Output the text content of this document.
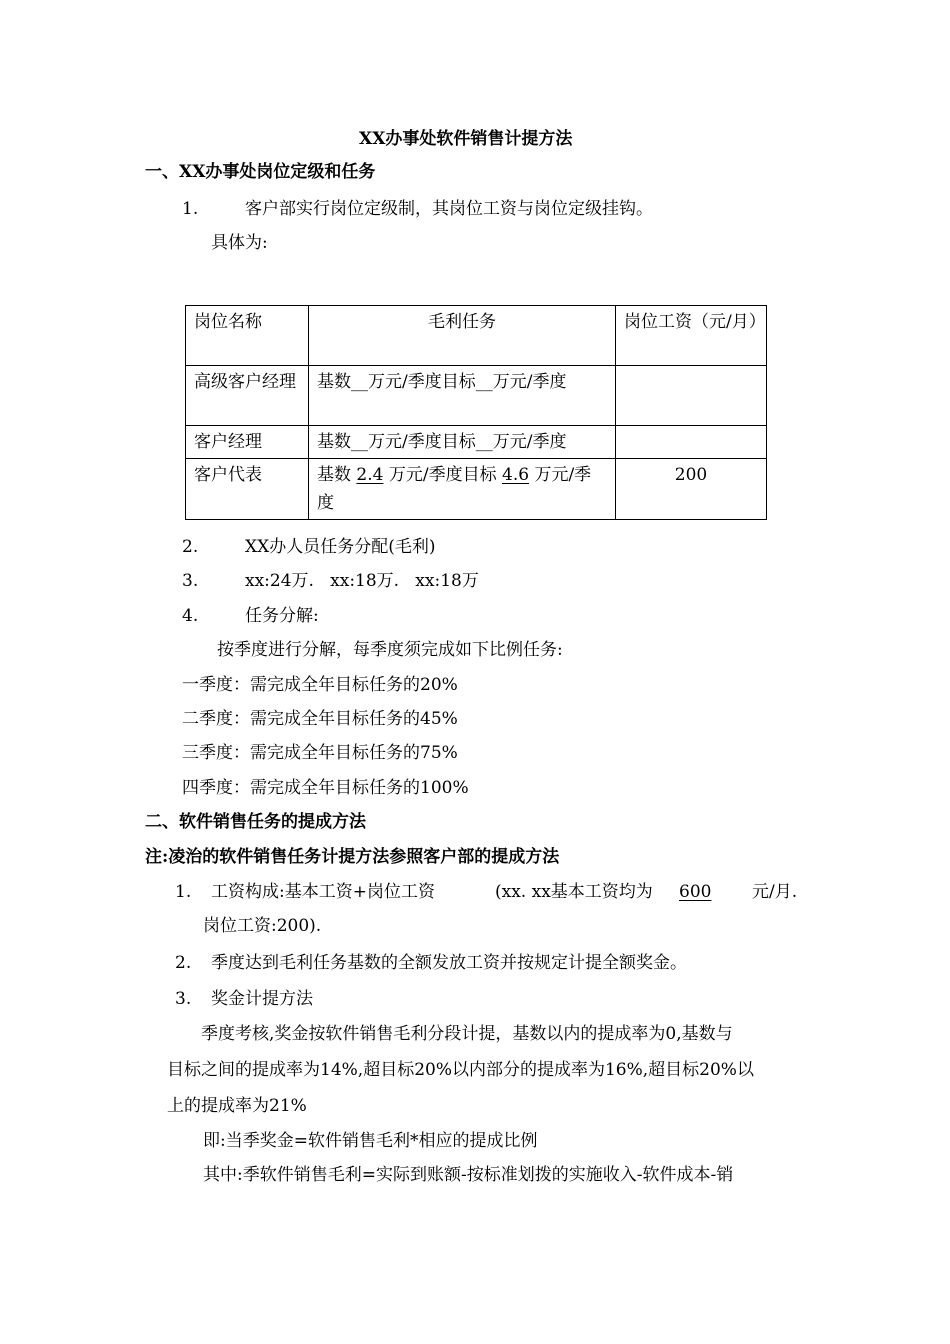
XX办事处软件销售计提方法
一、XX办事处岗位定级和任务
1.	客户部实行岗位定级制，其岗位工资与岗位定级挂钩。
具体为:
岗位名称	毛利任务	岗位工资（元/月）
高级客户经理	基数__万元/季度目标__万元/季度	
客户经理	基数__万元/季度目标__万元/季度	
客户代表	基数 2.4 万元/季度目标 4.6 万元/季度	200
2.	XX办人员任务分配(毛利)
3.	xx:24万.   xx:18万.   xx:18万
4.	任务分解:
按季度进行分解，每季度须完成如下比例任务:
一季度：需完成全年目标任务的20%
二季度：需完成全年目标任务的45%
三季度：需完成全年目标任务的75%
四季度：需完成全年目标任务的100%
二、软件销售任务的提成方法
注:凌治的软件销售任务计提方法参照客户部的提成方法
1. 工资构成:基本工资+岗位工资	(xx. xx基本工资均为 600	元/月.
岗位工资:200).
2. 季度达到毛利任务基数的全额发放工资并按规定计提全额奖金。
3. 奖金计提方法
季度考核,奖金按软件销售毛利分段计提，基数以内的提成率为0,基数与
目标之间的提成率为14%,超目标20%以内部分的提成率为16%,超目标20%以
上的提成率为21%
即:当季奖金=软件销售毛利*相应的提成比例
其中:季软件销售毛利=实际到账额-按标准划拨的实施收入-软件成本-销
